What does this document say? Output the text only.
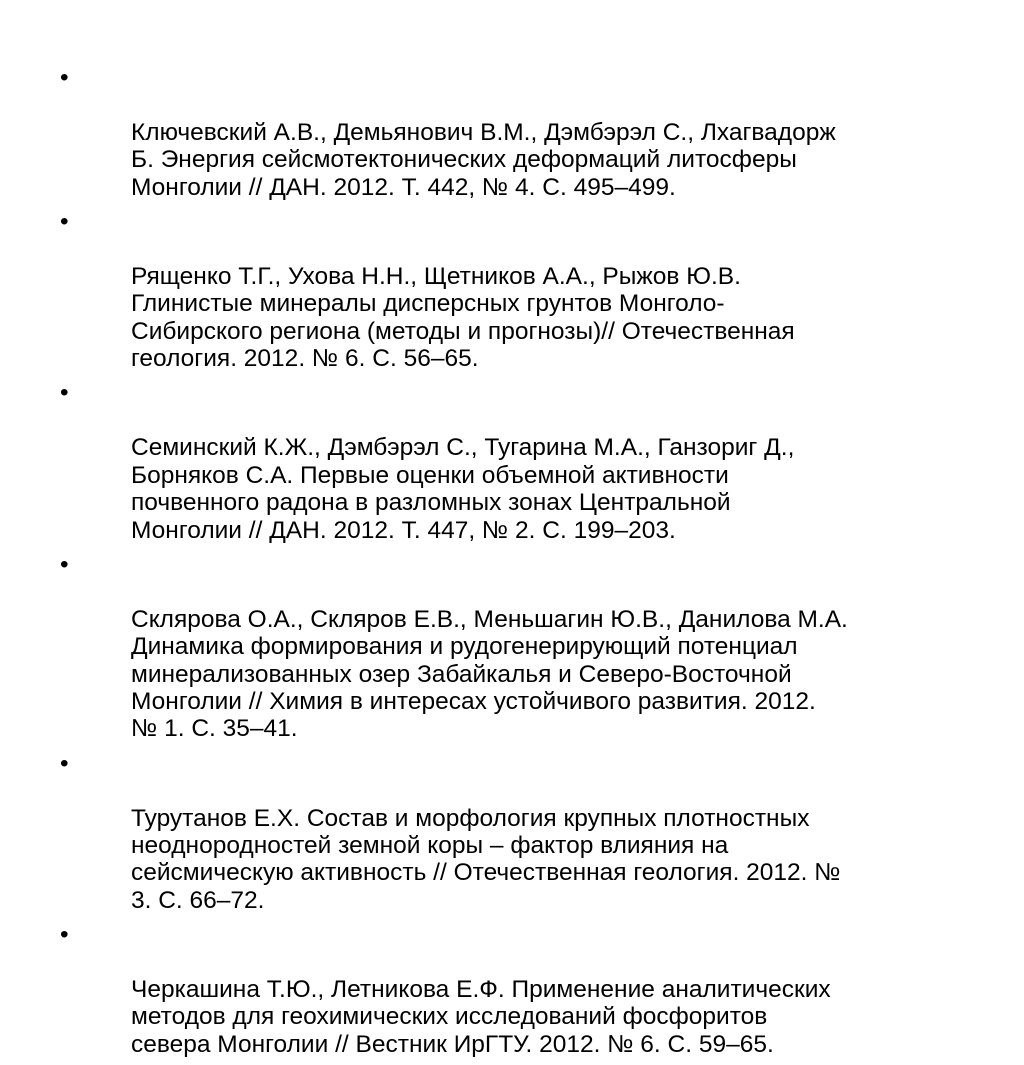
•

Ключевский А.В., Демьянович В.М., Дэмбэрэл С., Лхагвадорж
Б. Энергия сейсмотектонических деформаций литосферы
Монголии // ДАН. 2012. Т. 442, № 4. С. 495–499.

•

Рященко Т.Г., Ухова Н.Н., Щетников А.А., Рыжов Ю.В.
Глинистые минералы дисперсных грунтов Монголо-
Сибирского региона (методы и прогнозы)// Отечественная
геология. 2012. № 6. С. 56–65.

•

Семинский К.Ж., Дэмбэрэл С., Тугарина М.А., Ганзориг Д.,
Борняков С.А. Первые оценки объемной активности
почвенного радона в разломных зонах Центральной
Монголии // ДАН. 2012. Т. 447, № 2. С. 199–203.

•

Склярова О.А., Скляров Е.В., Меньшагин Ю.В., Данилова М.А.
Динамика формирования и рудогенерирующий потенциал
минерализованных озер Забайкалья и Северо-Восточной
Монголии // Химия в интересах устойчивого развития. 2012.
№ 1. С. 35–41.

•

Турутанов Е.Х. Состав и морфология крупных плотностных
неоднородностей земной коры – фактор влияния на
сейсмическую активность // Отечественная геология. 2012. №
3. С. 66–72.

•

Черкашина Т.Ю., Летникова Е.Ф. Применение аналитических
методов для геохимических исследований фосфоритов
севера Монголии // Вестник ИрГТУ. 2012. № 6. С. 59–65.
